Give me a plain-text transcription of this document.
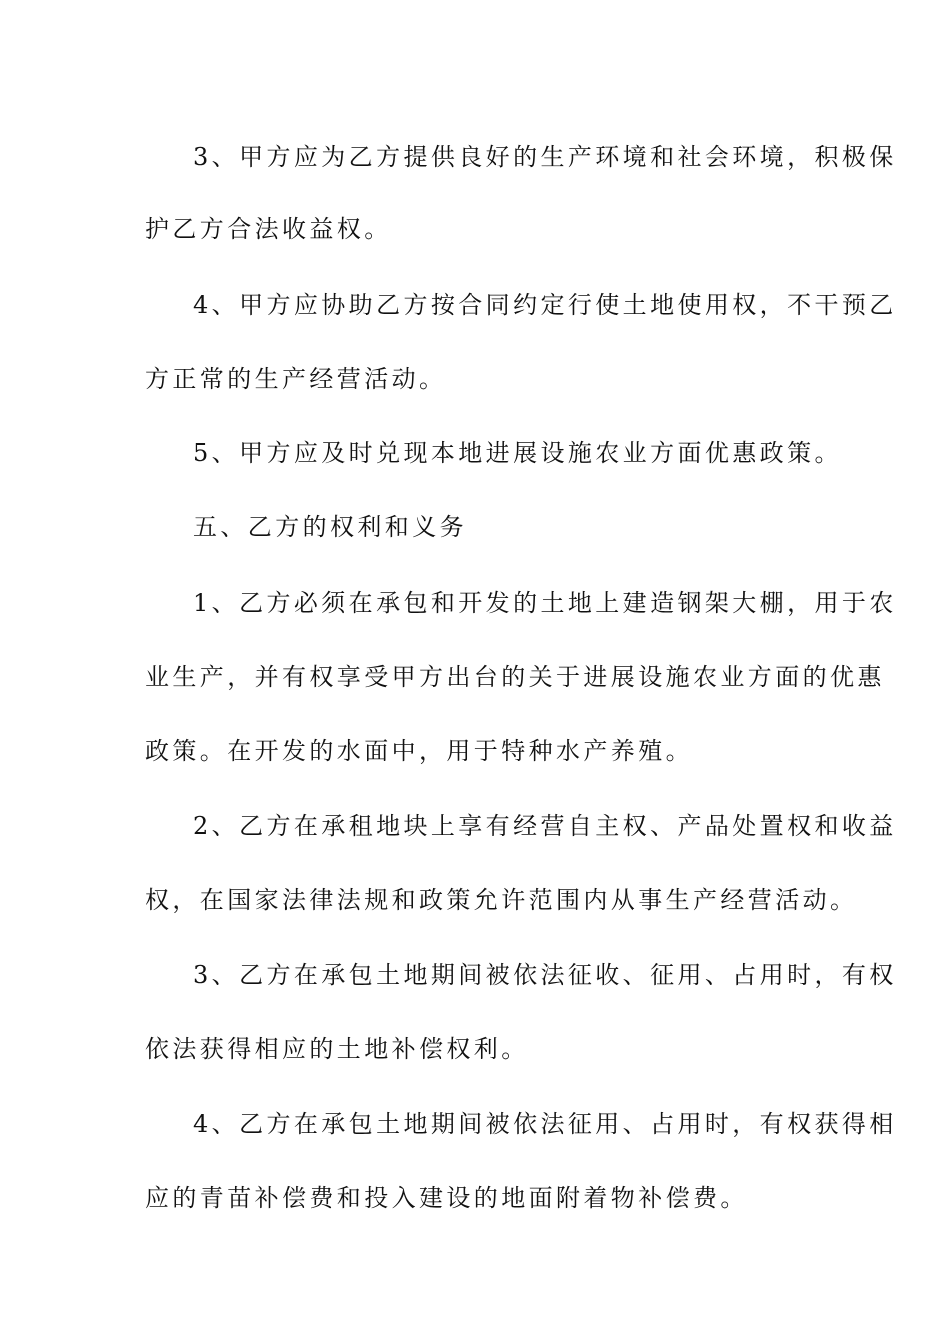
3、甲方应为乙方提供良好的生产环境和社会环境，积极保
护乙方合法收益权。
4、甲方应协助乙方按合同约定行使土地使用权，不干预乙
方正常的生产经营活动。
5、甲方应及时兑现本地进展设施农业方面优惠政策。
五、乙方的权利和义务
1、乙方必须在承包和开发的土地上建造钢架大棚，用于农
业生产，并有权享受甲方出台的关于进展设施农业方面的优惠
政策。在开发的水面中，用于特种水产养殖。
2、乙方在承租地块上享有经营自主权、产品处置权和收益
权，在国家法律法规和政策允许范围内从事生产经营活动。
3、乙方在承包土地期间被依法征收、征用、占用时，有权
依法获得相应的土地补偿权利。
4、乙方在承包土地期间被依法征用、占用时，有权获得相
应的青苗补偿费和投入建设的地面附着物补偿费。
